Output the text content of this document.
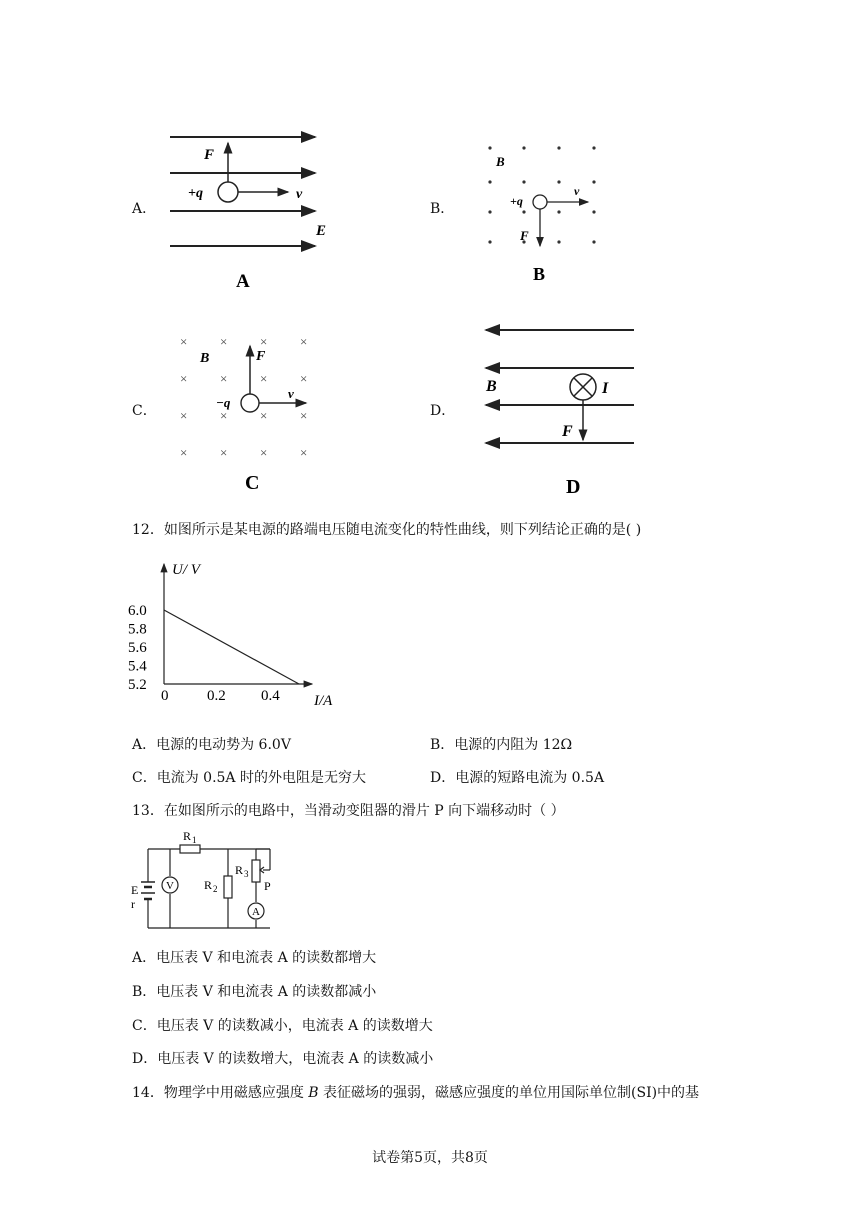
A．	B．
F
+q	v
E
A
B
+q
v
F
B
C．	D．
×	×	×	×
×	×	×	×
×	×	×	×
×	×	×	×
B	F
−q
v
C
B	I
F
D
12．如图所示是某电源的路端电压随电流变化的特性曲线，则下列结论正确的是( )
U/ V
I/A
6.0
5.8
5.6
5.4
5.2
0	0.2 0.4
A．电源的电动势为 6.0V	B．电源的内阻为 12Ω
C．电流为 0.5A 时的外电阻是无穷大	D．电源的短路电流为 0.5A
13．在如图所示的电路中，当滑动变阻器的滑片 P 向下端移动时（ ）
V
A
R 1
R 2
R 3
P
E
r
A．电压表 V 和电流表 A 的读数都增大
B．电压表 V 和电流表 A 的读数都减小
C．电压表 V 的读数减小，电流表 A 的读数增大
D．电压表 V 的读数增大，电流表 A 的读数减小
14．物理学中用磁感应强度 B 表征磁场的强弱，磁感应强度的单位用国际单位制(SI)中的基
试卷第5页，共8页
